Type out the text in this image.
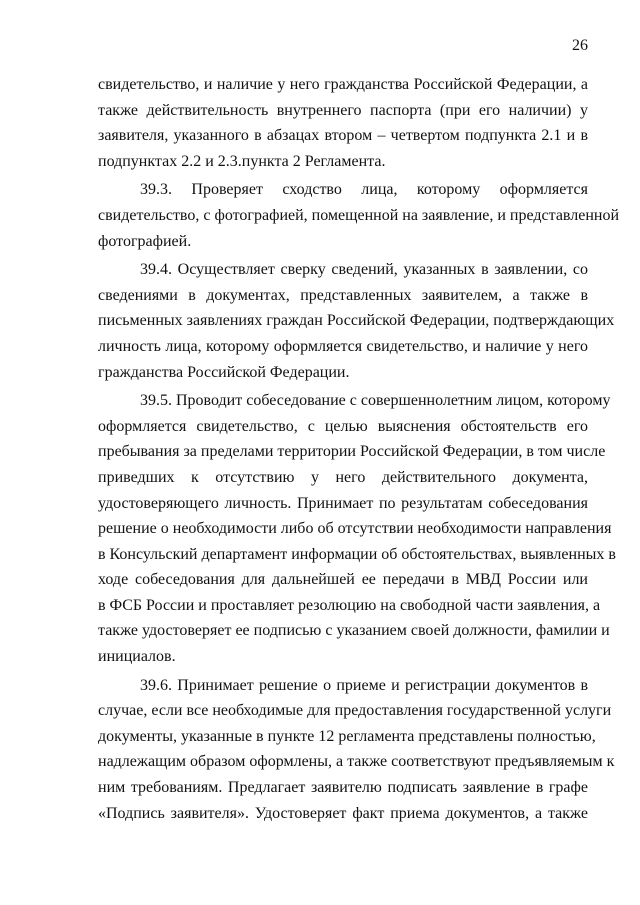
26
свидетельство, и наличие у него гражданства Российской Федерации, а
также действительность внутреннего паспорта (при его наличии) у
заявителя, указанного в абзацах втором – четвертом подпункта 2.1 и в
подпунктах 2.2 и 2.3.пункта 2 Регламента.
39.3. Проверяет сходство лица, которому оформляется
свидетельство, с фотографией, помещенной на заявление, и представленной
фотографией.
39.4. Осуществляет сверку сведений, указанных в заявлении, со
сведениями в документах, представленных заявителем, а также в
письменных заявлениях граждан Российской Федерации, подтверждающих
личность лица, которому оформляется свидетельство, и наличие у него
гражданства Российской Федерации.
39.5. Проводит собеседование с совершеннолетним лицом, которому
оформляется свидетельство, с целью выяснения обстоятельств его
пребывания за пределами территории Российской Федерации, в том числе
приведших к отсутствию у него действительного документа,
удостоверяющего личность. Принимает по результатам собеседования
решение о необходимости либо об отсутствии необходимости направления
в Консульский департамент информации об обстоятельствах, выявленных в
ходе собеседования для дальнейшей ее передачи в МВД России или
в ФСБ России и проставляет резолюцию на свободной части заявления, а
также удостоверяет ее подписью с указанием своей должности, фамилии и
инициалов.
39.6. Принимает решение о приеме и регистрации документов в
случае, если все необходимые для предоставления государственной услуги
документы, указанные в пункте 12 регламента представлены полностью,
надлежащим образом оформлены, а также соответствуют предъявляемым к
ним требованиям. Предлагает заявителю подписать заявление в графе
«Подпись заявителя». Удостоверяет факт приема документов, а также
